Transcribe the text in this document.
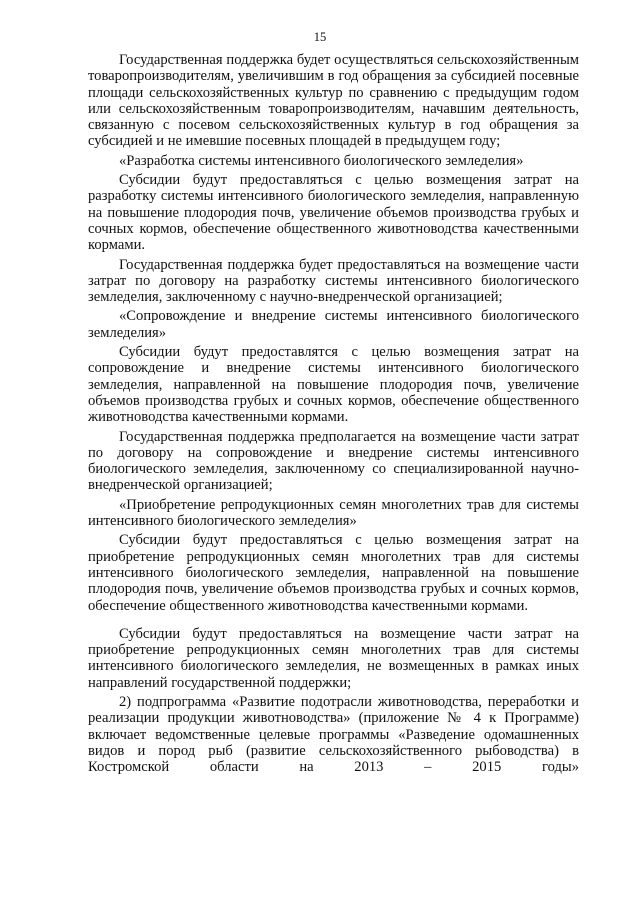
15

Государственная поддержка будет осуществляться сельскохозяйственным товаропроизводителям, увеличившим в год обращения за субсидией посевные площади сельскохозяйственных культур по сравнению с предыдущим годом или сельскохозяйственным товаропроизводителям, начавшим деятельность, связанную с посевом сельскохозяйственных культур в год обращения за субсидией и не имевшие посевных площадей в предыдущем году;

«Разработка системы интенсивного биологического земледелия»

Субсидии будут предоставляться с целью возмещения затрат на разработку системы интенсивного биологического земледелия, направленную на повышение плодородия почв, увеличение объемов производства грубых и сочных кормов, обеспечение общественного животноводства качественными кормами.

Государственная поддержка будет предоставляться на возмещение части затрат по договору на разработку системы интенсивного биологического земледелия, заключенному с научно-внедренческой организацией;

«Сопровождение и внедрение системы интенсивного биологического земледелия»

Субсидии будут предоставлятся с целью возмещения затрат на сопровождение и внедрение системы интенсивного биологического земледелия, направленной на повышение плодородия почв, увеличение объемов производства грубых и сочных кормов, обеспечение общественного животноводства качественными кормами.

Государственная поддержка предполагается на возмещение части затрат по договору на сопровождение и внедрение системы интенсивного биологического земледелия, заключенному со специализированной научно-внедренческой организацией;

«Приобретение репродукционных семян многолетних трав для системы интенсивного биологического земледелия»

Субсидии будут предоставляться с целью возмещения затрат на приобретение репродукционных семян многолетних трав для системы интенсивного биологического земледелия, направленной на повышение плодородия почв, увеличение объемов производства грубых и сочных кормов, обеспечение общественного животноводства качественными кормами.

Субсидии будут предоставляться на возмещение части затрат на приобретение репродукционных семян многолетних трав для системы интенсивного биологического земледелия, не возмещенных в рамках иных направлений государственной поддержки;

2) подпрограмма «Развитие подотрасли животноводства, переработки и реализации продукции животноводства» (приложение № 4 к Программе) включает ведомственные целевые программы «Разведение одомашненных видов и пород рыб (развитие сельскохозяйственного рыбоводства) в Костромской области на 2013 – 2015 годы»
